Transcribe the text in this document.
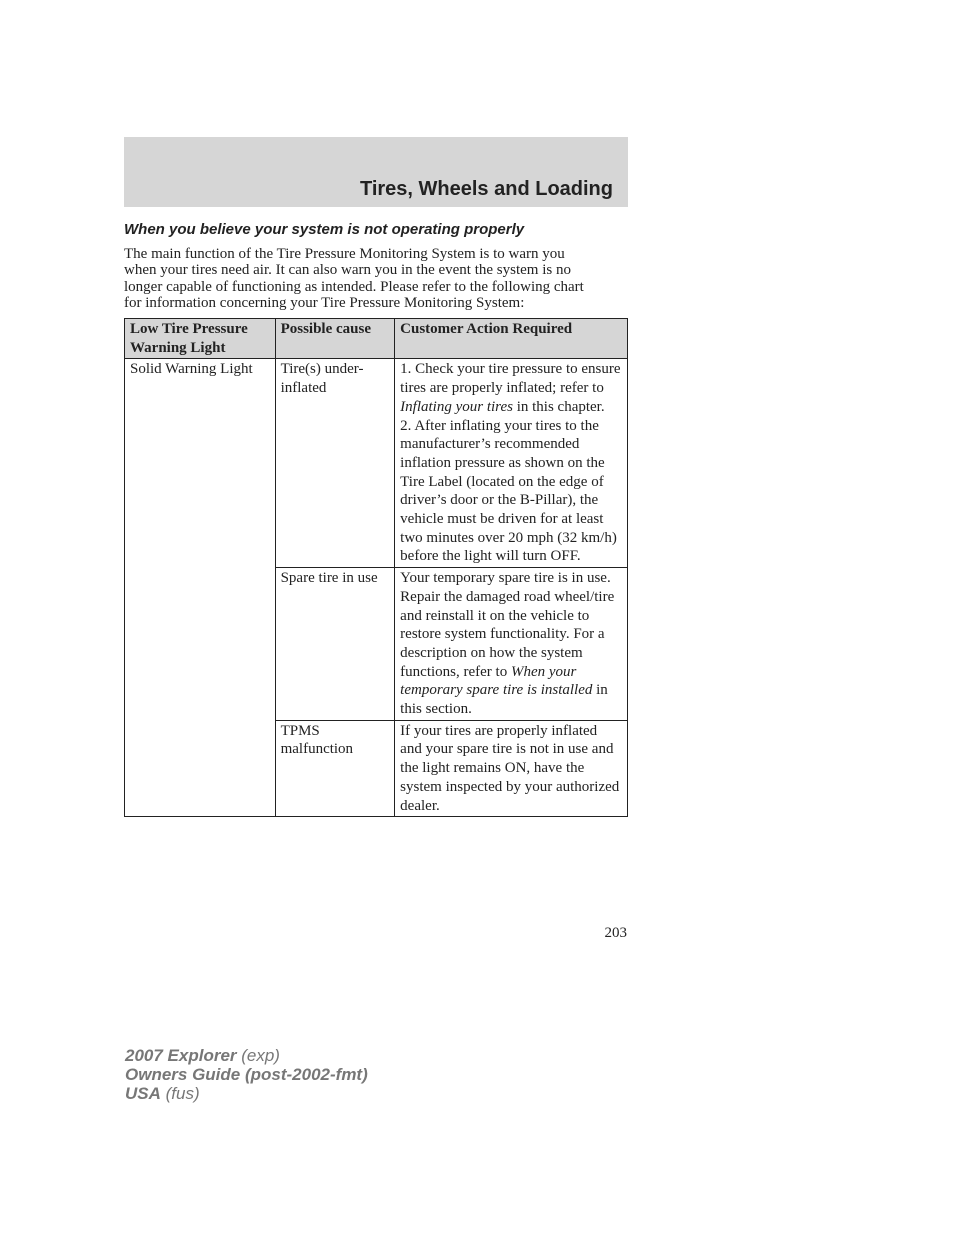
Tires, Wheels and Loading
When you believe your system is not operating properly

The main function of the Tire Pressure Monitoring System is to warn you
when your tires need air. It can also warn you in the event the system is no
longer capable of functioning as intended. Please refer to the following chart
for information concerning your Tire Pressure Monitoring System:

Low Tire Pressure Warning Light	Possible cause	Customer Action Required
Solid Warning Light	Tire(s) under-inflated	1. Check your tire pressure to ensure tires are properly inflated; refer to Inflating your tires in this chapter.
2. After inflating your tires to the manufacturer’s recommended inflation pressure as shown on the Tire Label (located on the edge of driver’s door or the B-Pillar), the vehicle must be driven for at least two minutes over 20 mph (32 km/h) before the light will turn OFF.
	Spare tire in use	Your temporary spare tire is in use. Repair the damaged road wheel/tire and reinstall it on the vehicle to restore system functionality. For a description on how the system functions, refer to When your temporary spare tire is installed in this section.
	TPMS malfunction	If your tires are properly inflated and your spare tire is not in use and the light remains ON, have the system inspected by your authorized dealer.
203
2007 Explorer (exp)
Owners Guide (post-2002-fmt)
USA (fus)
